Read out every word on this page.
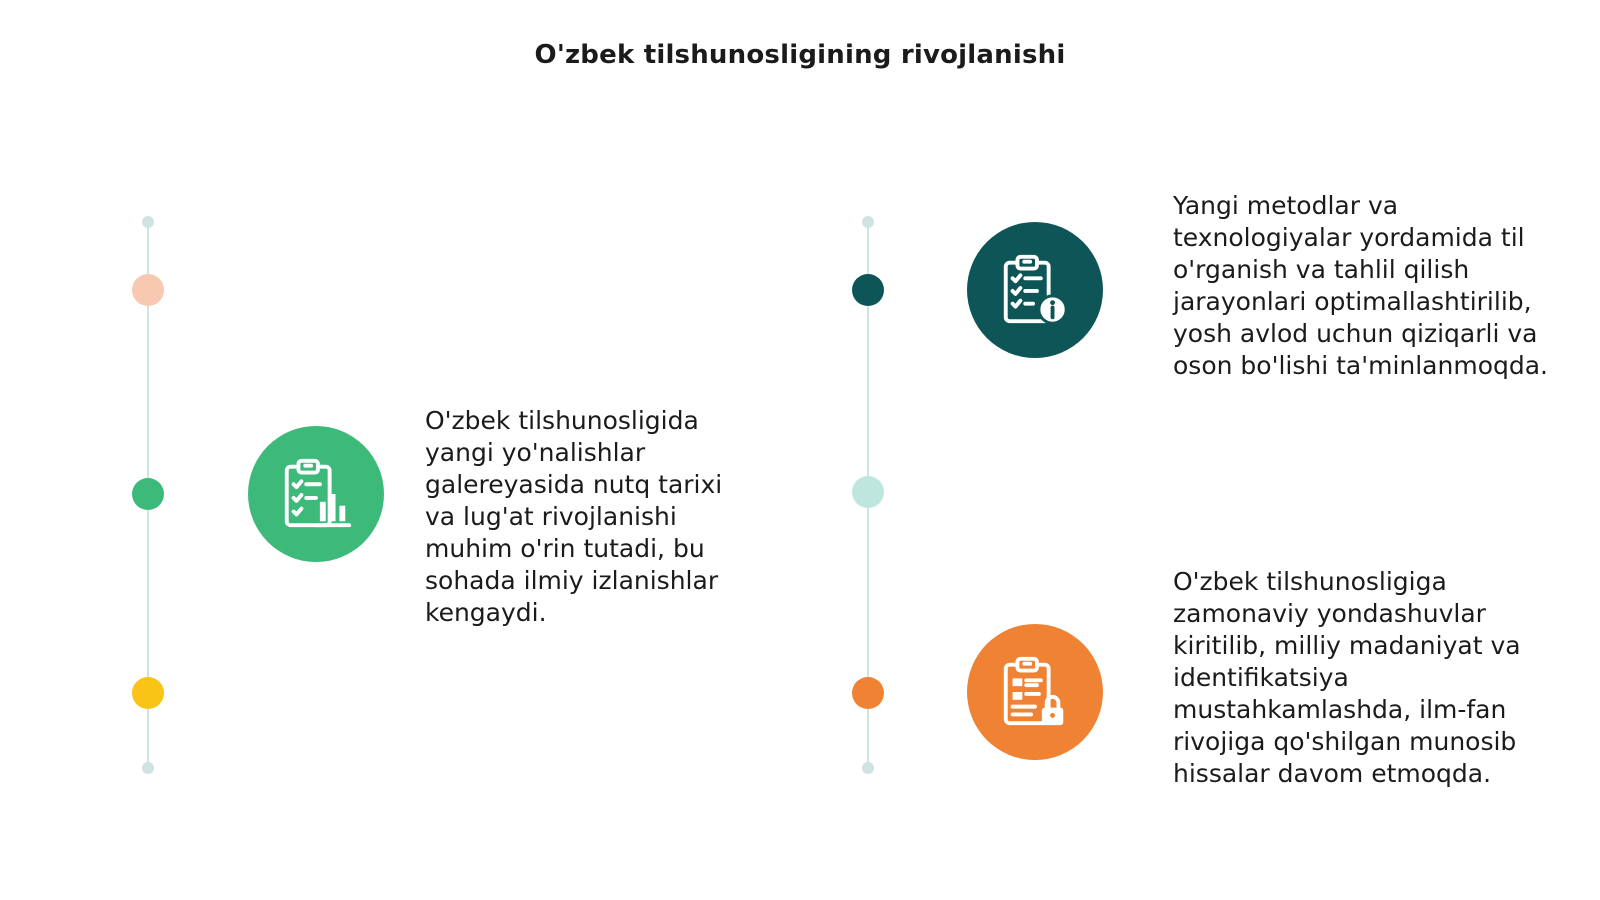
O'zbek tilshunosligining rivojlanishi
O'zbek tilshunosligida yangi yo'nalishlar galereyasida nutq tarixi va lug'at rivojlanishi muhim o'rin tutadi, bu sohada ilmiy izlanishlar kengaydi.
Yangi metodlar va texnologiyalar yordamida til o'rganish va tahlil qilish jarayonlari optimallashtirilib, yosh avlod uchun qiziqarli va oson bo'lishi ta'minlanmoqda.
O'zbek tilshunosligiga zamonaviy yondashuvlar kiritilib, milliy madaniyat va identifikatsiya mustahkamlashda, ilm-fan rivojiga qo'shilgan munosib hissalar davom etmoqda.
